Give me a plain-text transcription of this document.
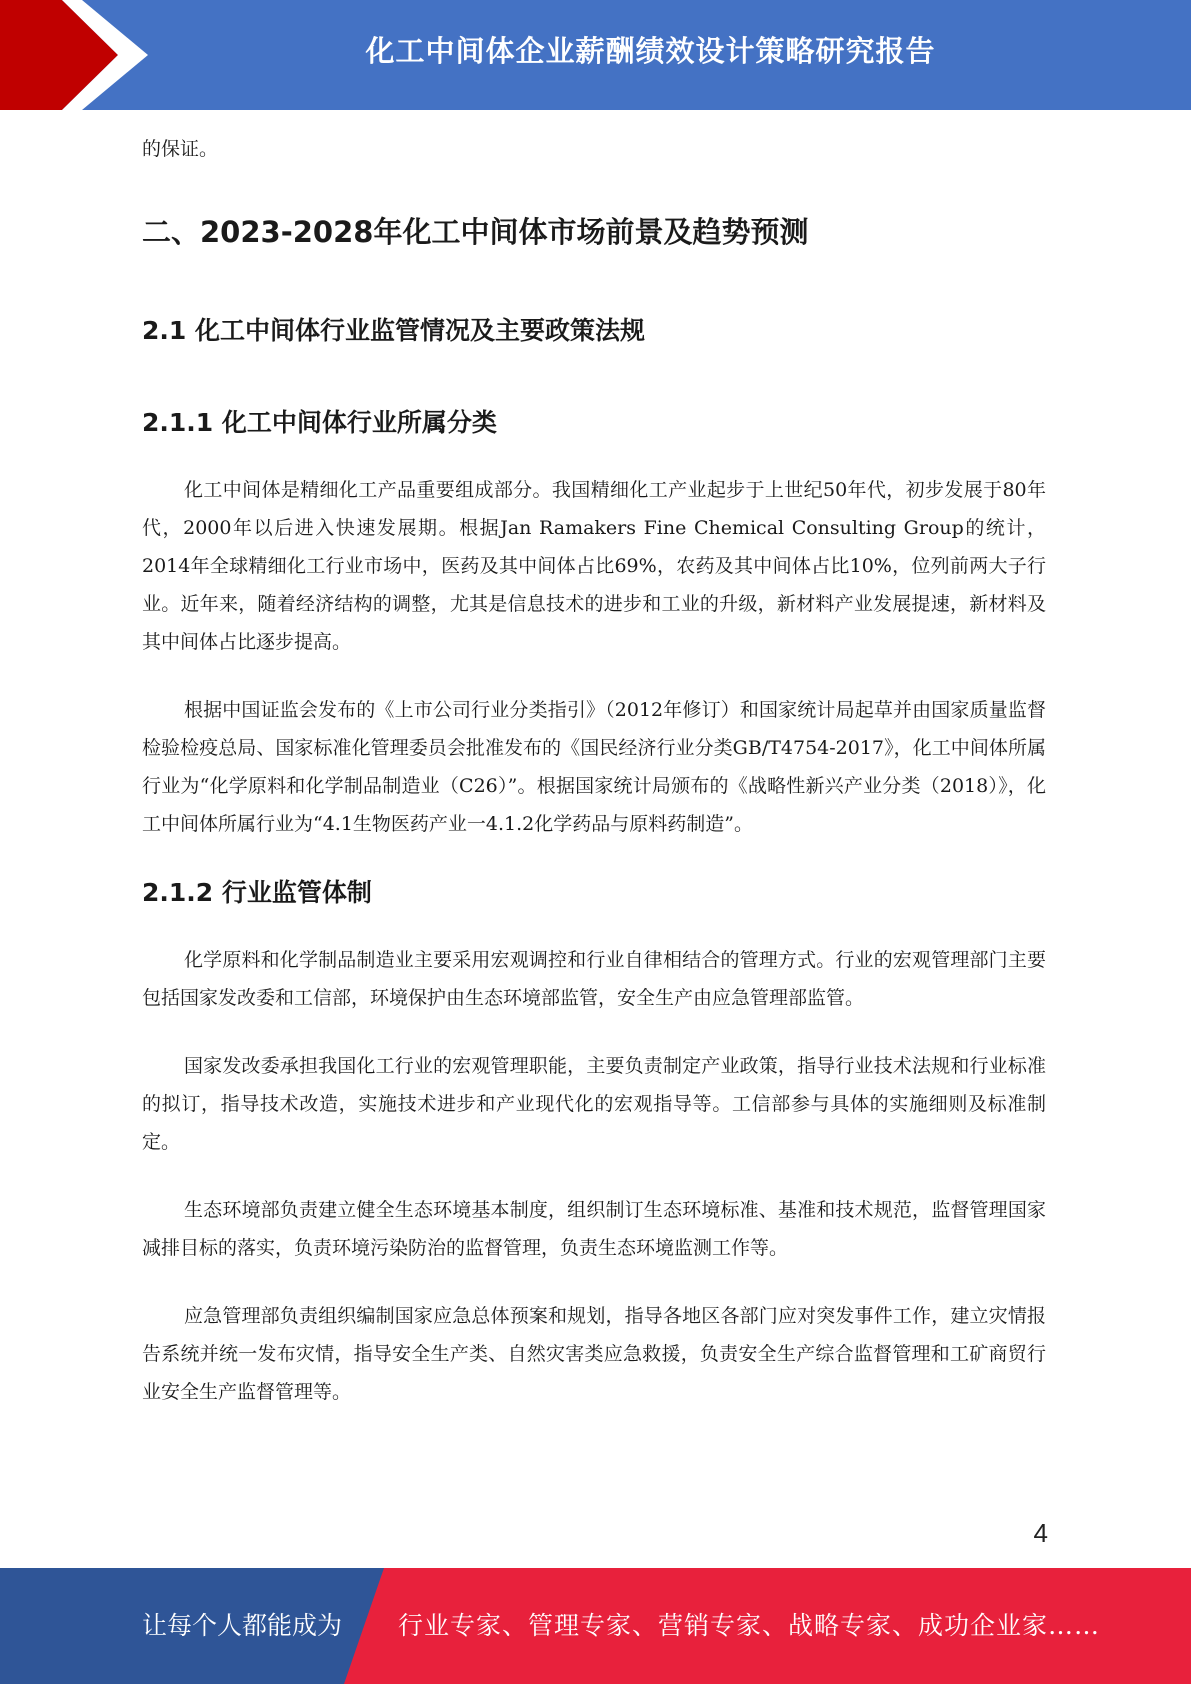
化工中间体企业薪酬绩效设计策略研究报告

的保证。

二、2023-2028年化工中间体市场前景及趋势预测
2.1 化工中间体行业监管情况及主要政策法规
2.1.1 化工中间体行业所属分类

化工中间体是精细化工产品重要组成部分。我国精细化工产业起步于上世纪50年代，初步发展于80年代，2000年以后进入快速发展期。根据Jan Ramakers Fine Chemical Consulting Group的统计，2014年全球精细化工行业市场中，医药及其中间体占比69%，农药及其中间体占比10%，位列前两大子行业。近年来，随着经济结构的调整，尤其是信息技术的进步和工业的升级，新材料产业发展提速，新材料及其中间体占比逐步提高。

根据中国证监会发布的《上市公司行业分类指引》（2012年修订）和国家统计局起草并由国家质量监督检验检疫总局、国家标准化管理委员会批准发布的《国民经济行业分类GB/T4754-2017》，化工中间体所属行业为“化学原料和化学制品制造业（C26）”。根据国家统计局颁布的《战略性新兴产业分类（2018）》，化工中间体所属行业为“4.1生物医药产业一4.1.2化学药品与原料药制造”。

2.1.2 行业监管体制

化学原料和化学制品制造业主要采用宏观调控和行业自律相结合的管理方式。行业的宏观管理部门主要包括国家发改委和工信部，环境保护由生态环境部监管，安全生产由应急管理部监管。

国家发改委承担我国化工行业的宏观管理职能，主要负责制定产业政策，指导行业技术法规和行业标准的拟订，指导技术改造，实施技术进步和产业现代化的宏观指导等。工信部参与具体的实施细则及标准制定。

生态环境部负责建立健全生态环境基本制度，组织制订生态环境标准、基准和技术规范，监督管理国家减排目标的落实，负责环境污染防治的监督管理，负责生态环境监测工作等。

应急管理部负责组织编制国家应急总体预案和规划，指导各地区各部门应对突发事件工作，建立灾情报告系统并统一发布灾情，指导安全生产类、自然灾害类应急救援，负责安全生产综合监督管理和工矿商贸行业安全生产监督管理等。

4
让每个人都能成为 行业专家、管理专家、营销专家、战略专家、成功企业家……
